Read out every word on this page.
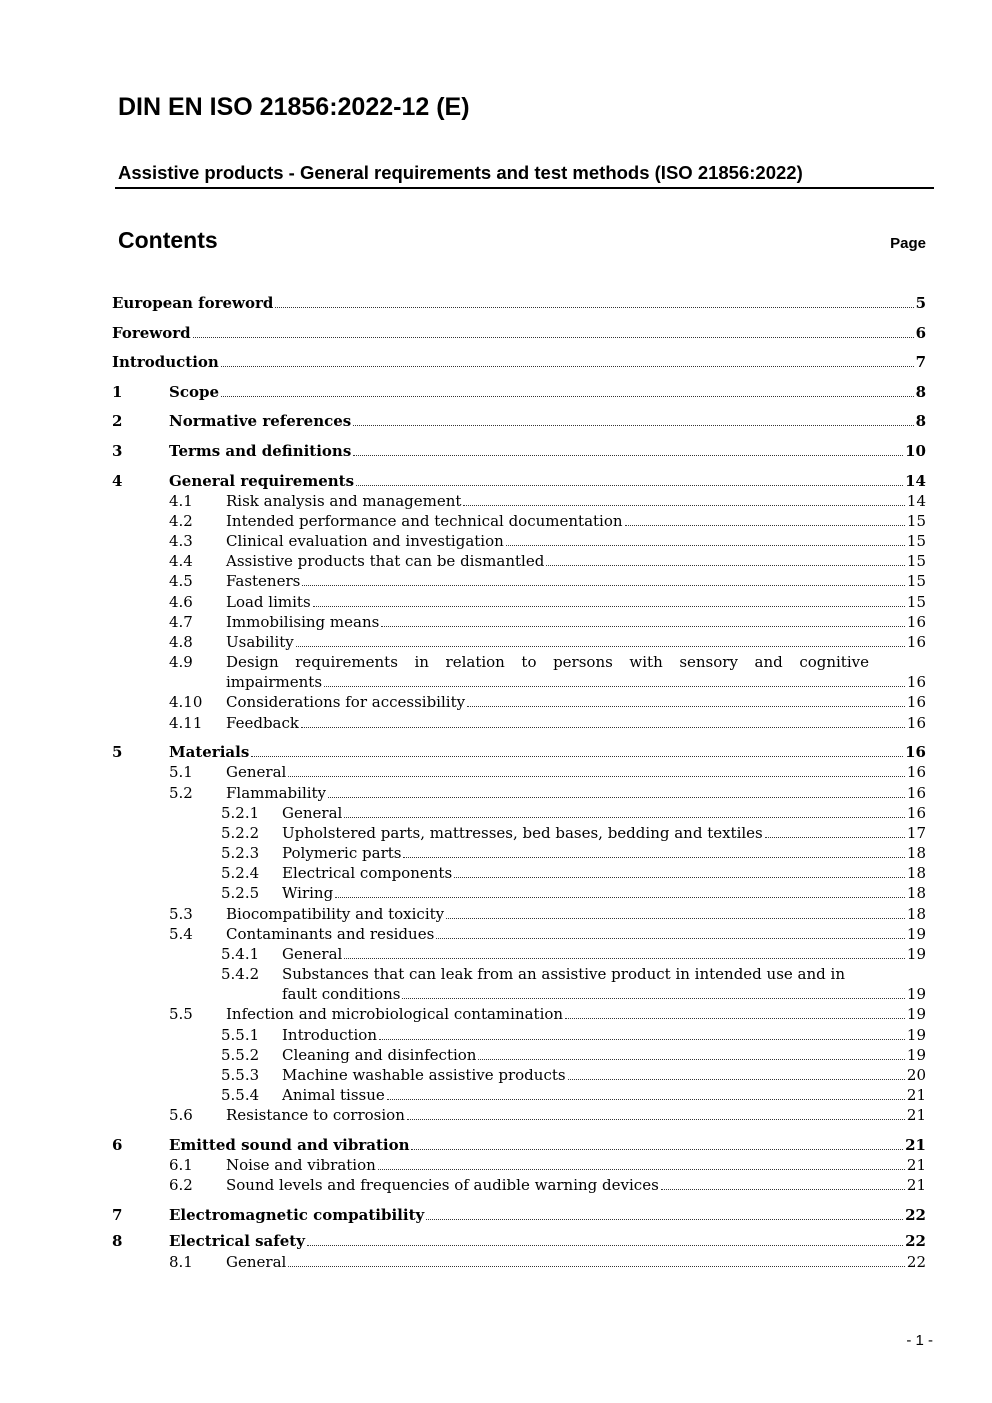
DIN EN ISO 21856:2022-12 (E)
Assistive products - General requirements and test methods (ISO 21856:2022)
Contents	Page
European foreword	5
Foreword	6
Introduction	7
1	Scope	8
2	Normative references	8
3	Terms and definitions	10
4	General requirements	14
4.1 Risk analysis and management	14
4.2 Intended performance and technical documentation	15
4.3 Clinical evaluation and investigation	15
4.4 Assistive products that can be dismantled	15
4.5 Fasteners	15
4.6 Load limits	15
4.7 Immobilising means	16
4.8 Usability	16
4.9 Design requirements in relation to persons with sensory and cognitive
impairments	16
4.10 Considerations for accessibility	16
4.11 Feedback	16
5	Materials	16
5.1 General	16
5.2 Flammability	16
5.2.1 General	16
5.2.2 Upholstered parts, mattresses, bed bases, bedding and textiles	17
5.2.3 Polymeric parts	18
5.2.4 Electrical components	18
5.2.5 Wiring	18
5.3 Biocompatibility and toxicity	18
5.4 Contaminants and residues	19
5.4.1 General	19
5.4.2 Substances that can leak from an assistive product in intended use and in
fault conditions	19
5.5 Infection and microbiological contamination	19
5.5.1 Introduction	19
5.5.2 Cleaning and disinfection	19
5.5.3 Machine washable assistive products	20
5.5.4 Animal tissue	21
5.6 Resistance to corrosion	21
6	Emitted sound and vibration	21
6.1 Noise and vibration	21
6.2 Sound levels and frequencies of audible warning devices	21
7	Electromagnetic compatibility	22
8	Electrical safety	22
8.1 General	22
- 1 -
